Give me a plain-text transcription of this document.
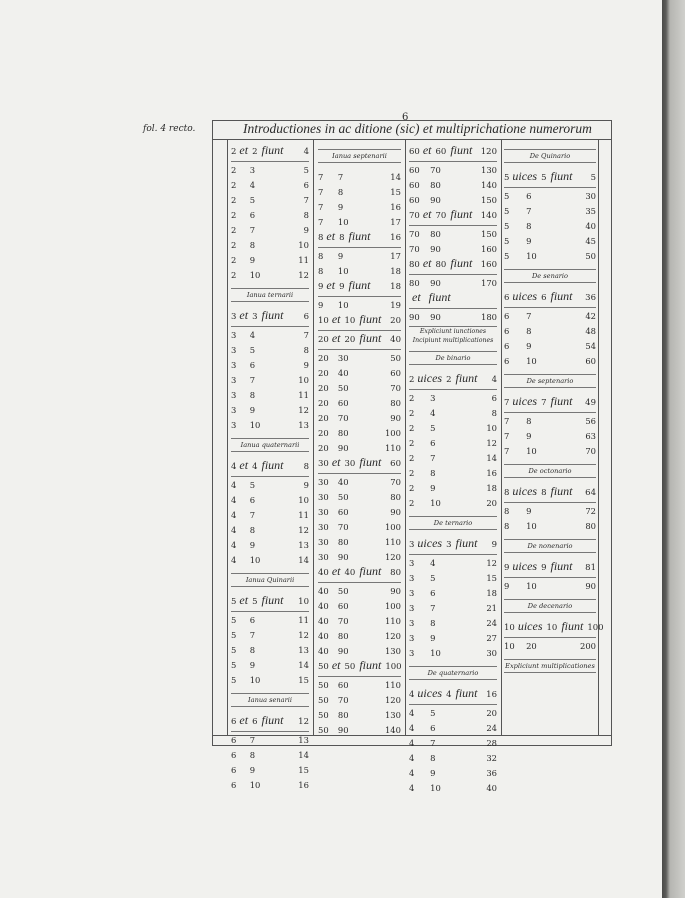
6
fol. 4 recto.	Introductiones in ac ditione (sic) et multiprichatione numerorum
2 et 2 fiunt 4
2	3	5
2	4	6
2	5	7
2	6	8
2	7	9
2	8	10
2	9	11
2	10	12
Ianua ternarii
3 et 3 fiunt 6
3	4	7
3	5	8
3	6	9
3	7	10
3	8	11
3	9	12
3	10	13
Ianua quaternarii
4 et 4 fiunt 8
4	5	9
4	6	10
4	7	11
4	8	12
4	9	13
4	10	14
Ianua Quinarii
5 et 5 fiunt 10
5	6	11
5	7	12
5	8	13
5	9	14
5	10	15
Ianua senarii
6 et 6 fiunt 12
6	7	13
6	8	14
6	9	15
6	10	16
Ianua septenarii
7	7	14
7	8	15
7	9	16
7	10	17
8 et 8 fiunt 16
8	9	17
8	10	18
9 et 9 fiunt 18
9	10	19
10 et 10 fiunt 20
20 et 20 fiunt 40
20	30	50
20	40	60
20	50	70
20	60	80
20	70	90
20	80	100
20	90	110
30 et 30 fiunt 60
30	40	70
30	50	80
30	60	90
30	70	100
30	80	110
30	90	120
40 et 40 fiunt 80
40	50	90
40	60	100
40	70	110
40	80	120
40	90	130
50 et 50 fiunt 100
50	60	110
50	70	120
50	80	130
50	90	140
60 et 60 fiunt 120
60	70	130
60	80	140
60	90	150
70 et 70 fiunt 140
70	80	150
70	90	160
80 et 80 fiunt 160
80	90	170
et fiunt
90	90	180
Expliciunt iunctiones
Incipiunt multiplicationes
De binario
2 uices 2 fiunt 4
2	3	6
2	4	8
2	5	10
2	6	12
2	7	14
2	8	16
2	9	18
2	10	20
De ternario
3 uices 3 fiunt 9
3	4	12
3	5	15
3	6	18
3	7	21
3	8	24
3	9	27
3	10	30
De quaternario
4 uices 4 fiunt 16
4	5	20
4	6	24
4	7	28
4	8	32
4	9	36
4	10	40
De Quinario
5 uices 5 fiunt 5
5	6	30
5	7	35
5	8	40
5	9	45
5	10	50
De senario
6 uices 6 fiunt 36
6	7	42
6	8	48
6	9	54
6	10	60
De septenario
7 uices 7 fiunt 49
7	8	56
7	9	63
7	10	70
De octonario
8 uices 8 fiunt 64
8	9	72
8	10	80
De nonenario
9 uices 9 fiunt 81
9	10	90
De decenario
10 uices 10 fiunt 100
10	20	200
Expliciunt multiplicationes
